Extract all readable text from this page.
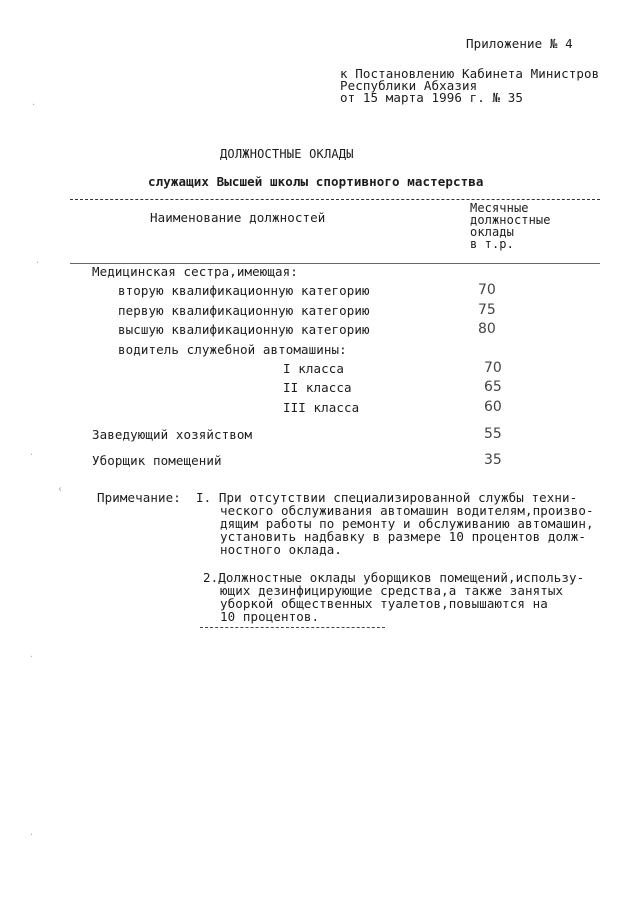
Приложение № 4
к Постановлению Кабинета Министров
Республики Абхазия
от 15 марта 1996 г. № 35
ДОЛЖНОСТНЫЕ ОКЛАДЫ
служащих Высшей школы спортивного мастерства
Наименование должностей
Месячные
должностные
оклады
в т.р.
Медицинская сестра,имеющая:
вторую квалификационную категорию	70
первую квалификационную категорию	75
высшую квалификационную категорию	80
водитель служебной автомашины:
I класса	70
II класса	65
III класса	60
Заведующий хозяйством	55
Уборщик помещений	35
Примечание: I. При отсутствии специализированной службы техни-
ческого обслуживания автомашин водителям,произво-
дящим работы по ремонту и обслуживанию автомашин,
установить надбавку в размере 10 процентов долж-
ностного оклада.
2.Должностные оклады уборщиков помещений,использу-
ющих дезинфицирующие средства,а также занятых
уборкой общественных туалетов,повышаются на
10 процентов.
·
·
·
‹
·
·
